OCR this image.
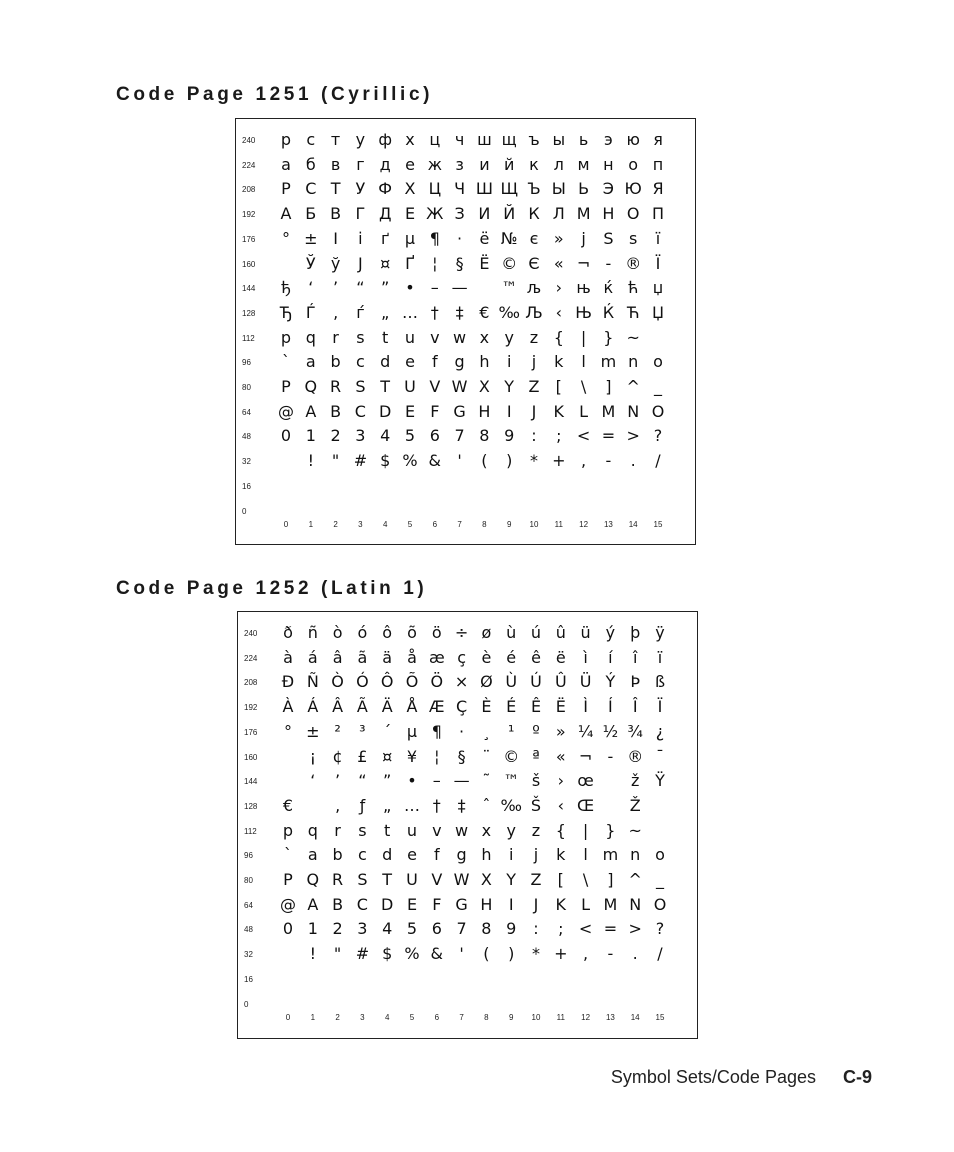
Code Page 1251 (Cyrillic)
240	р с т у ф х ц ч ш щ ъ ы ь э ю я
224	а б в г д е ж з и й к л м н о п
208	Р С Т У Ф Х Ц Ч Ш Щ Ъ Ы Ь Э Ю Я
192	А Б В Г Д Е Ж З И Й К Л М Н О П
176	° ± І	і	ґ µ ¶	·	ё № є »	ј	Ѕ ѕ	ї
160	Ў ў	Ј	¤ Ґ	¦	§ Ё © Є « ¬ - ® Ї
144	ђ	‘	’	“	” •	– — ™ љ › њ ќ ћ џ
128	Ђ Ѓ	‚	ѓ	„ … †	‡ € ‰ Љ ‹ Њ Ќ Ћ Џ
112	p q	r	s	t	u v w x y z {	|	} ~
96	` a b c d e	f	g h	i	j	k	l m n o
80	P Q R S T U V W X Y Z	[	\	] ^ _
64 @ A B C D E F G H	I	J	K L M N O
48	0 1 2 3 4 5 6 7 8 9	:	; < = > ?
32	!	" # $ % &	'	(	)	* + ,	-	.	/
16
0
0	1	2	3	4	5	6	7	8	9	10	11	12	13	14	15
Code Page 1252 (Latin 1)
240	ð ñ ò ó ô õ ö ÷ ø ù ú û ü ý þ ÿ
224	à á â ã ä å æ ç è é ê ë	ì	í	î	ï
208	Ð Ñ Ò Ó Ô Õ Ö × Ø Ù Ú Û Ü Ý Þ ß
192	À Á Â Ã Ä Å Æ Ç È É Ê Ë	Ì	Í	Î	Ï
176	° ± ²	³	´ µ ¶	·	¸	¹	º	» ¼ ½ ¾ ¿
160	¡	¢ £ ¤ ¥	¦	§	¨ © ª	« ¬ - ® ¯
144	‘	’	“	” •	– — ˜ ™ š	› œ	ž Ÿ
128	€	‚	ƒ	„ … †	‡	ˆ ‰ Š	‹ Œ	Ž
112	p q	r	s	t	u v w x y z {	|	} ~
96	` a b c d e	f	g h	i	j	k	l m n o
80	P Q R S T U V W X Y Z	[	\	] ^ _
64 @ A B C D E F G H	I	J	K L M N O
48	0 1 2 3 4 5 6 7 8 9	:	; < = > ?
32	!	" # $ % &	'	(	)	* + ,	-	.	/
16
0
0	1	2	3	4	5	6	7	8	9	10	11	12	13	14	15
Symbol Sets/Code Pages C-9
